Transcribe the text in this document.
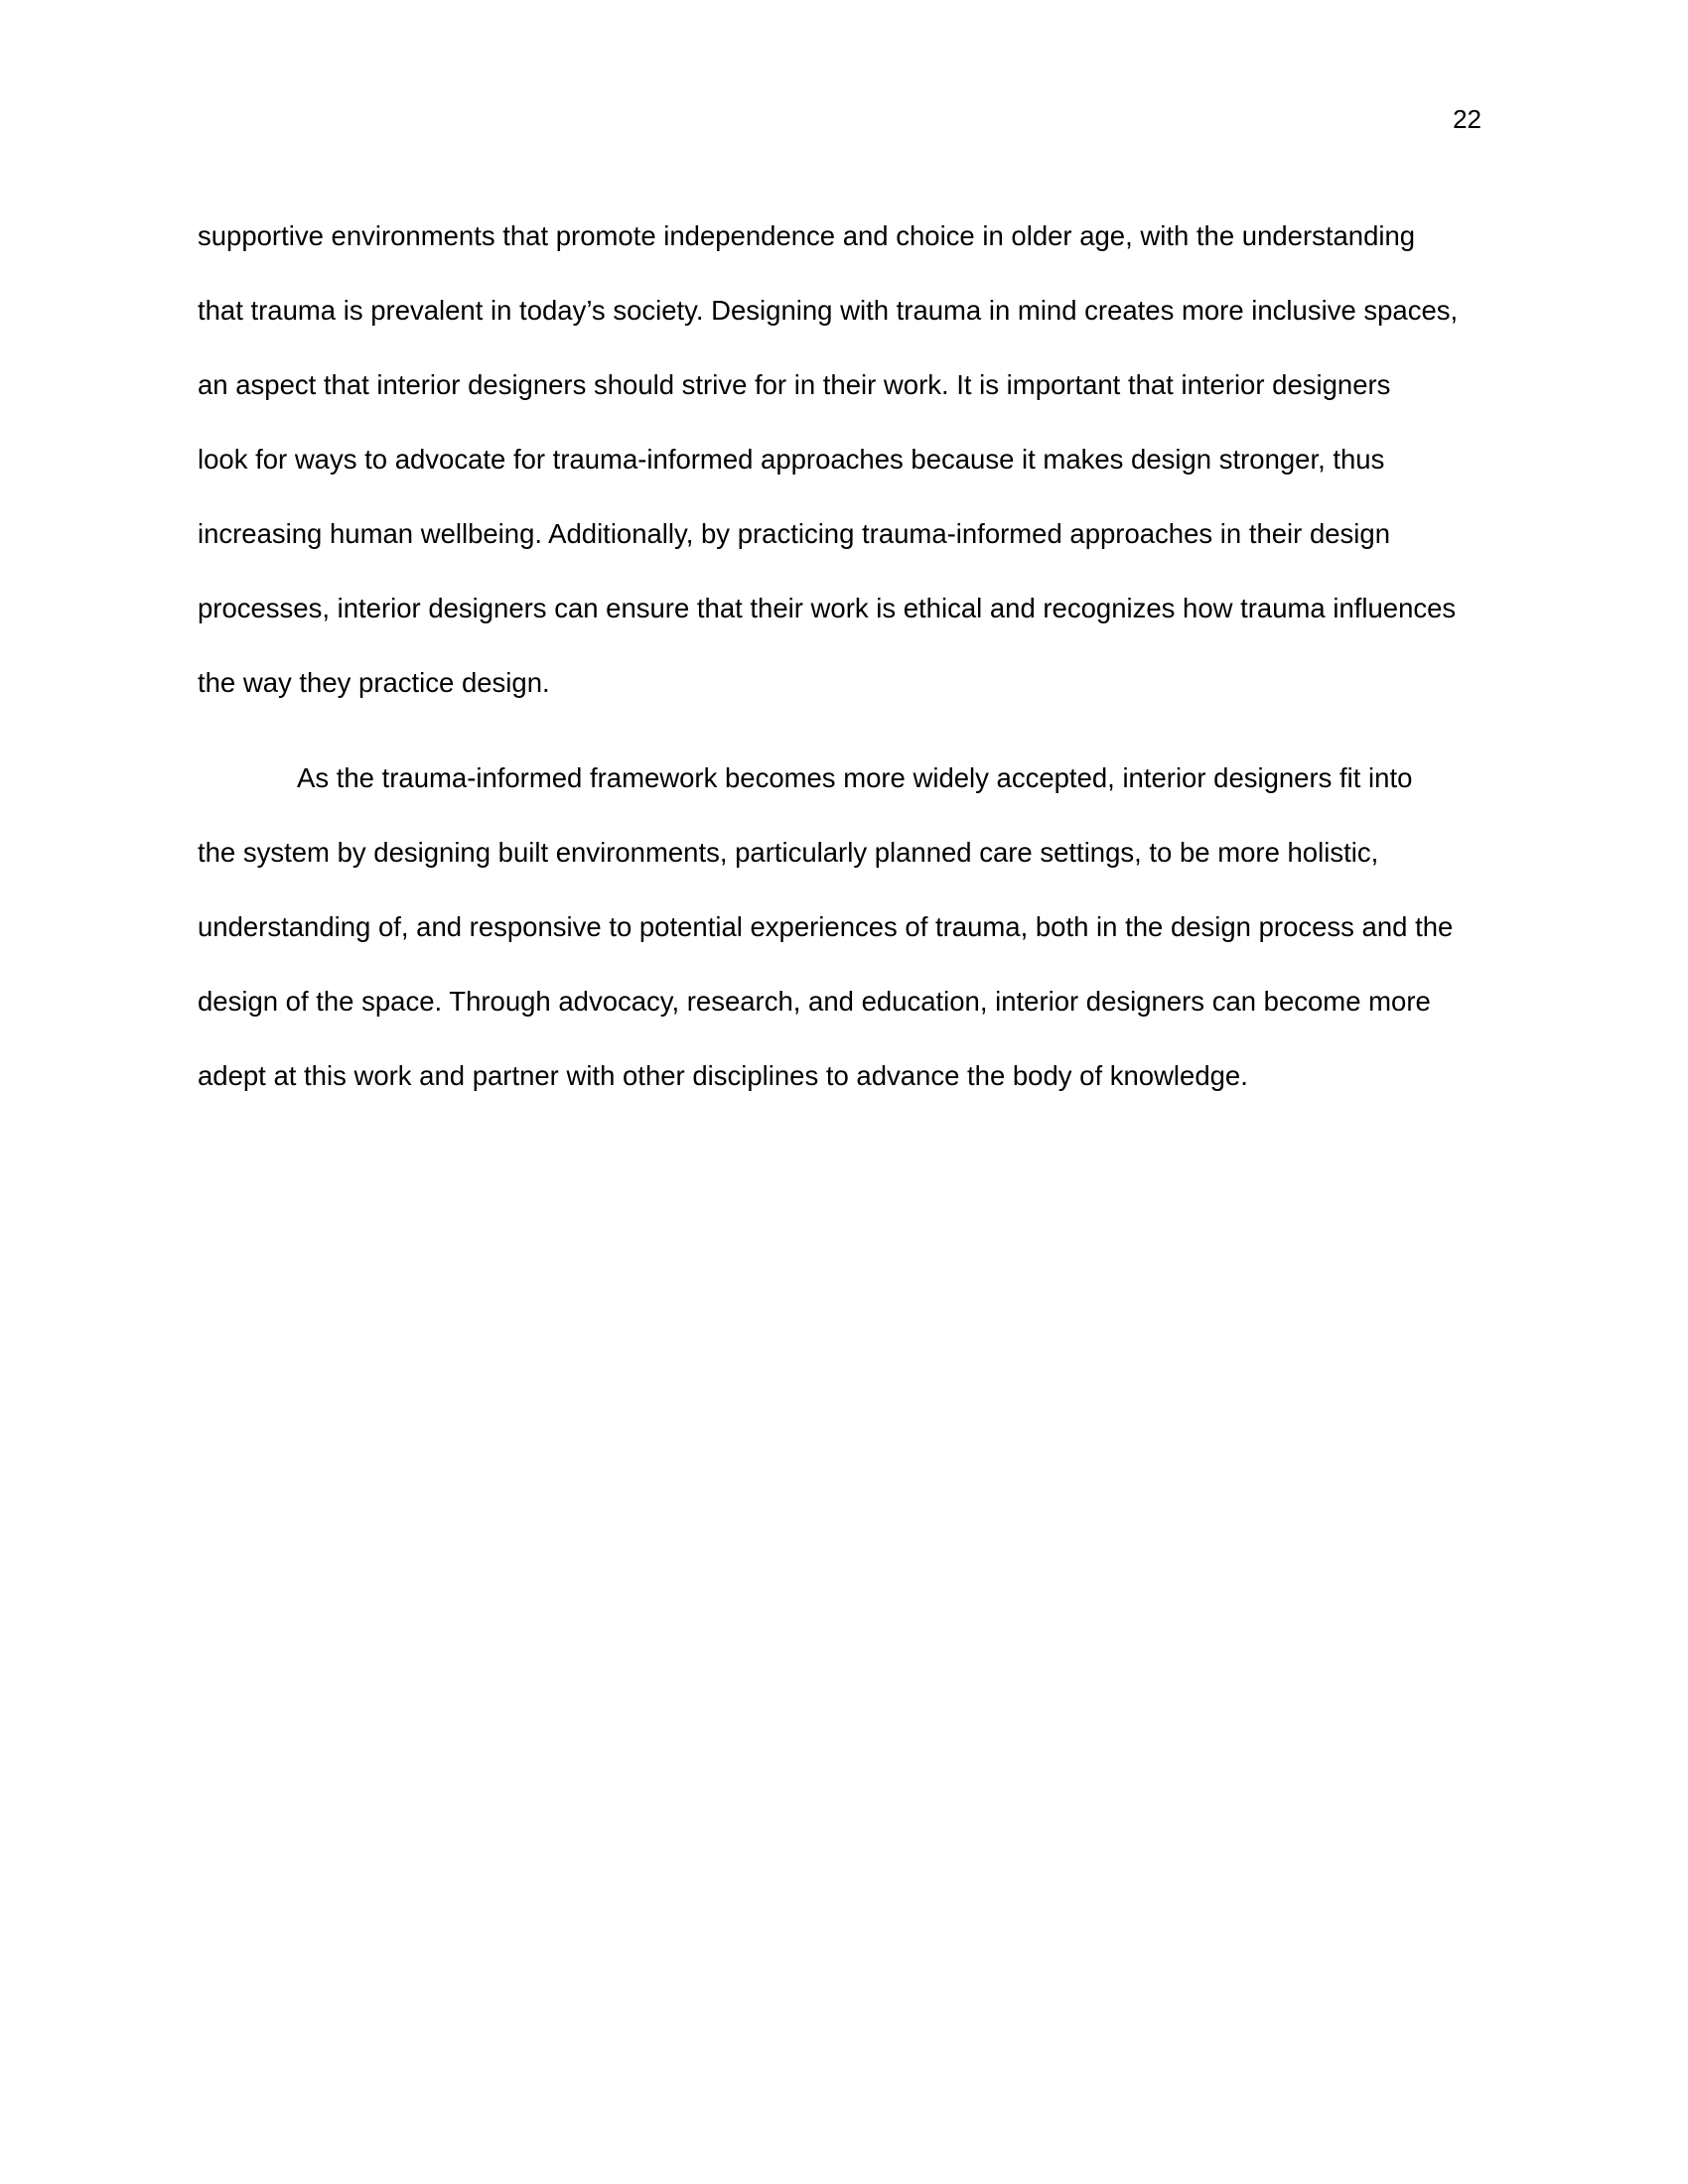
22
supportive environments that promote independence and choice in older age, with the understanding
that trauma is prevalent in today’s society. Designing with trauma in mind creates more inclusive spaces,
an aspect that interior designers should strive for in their work. It is important that interior designers
look for ways to advocate for trauma-informed approaches because it makes design stronger, thus
increasing human wellbeing. Additionally, by practicing trauma-informed approaches in their design
processes, interior designers can ensure that their work is ethical and recognizes how trauma influences
the way they practice design.
As the trauma-informed framework becomes more widely accepted, interior designers fit into
the system by designing built environments, particularly planned care settings, to be more holistic,
understanding of, and responsive to potential experiences of trauma, both in the design process and the
design of the space. Through advocacy, research, and education, interior designers can become more
adept at this work and partner with other disciplines to advance the body of knowledge.
